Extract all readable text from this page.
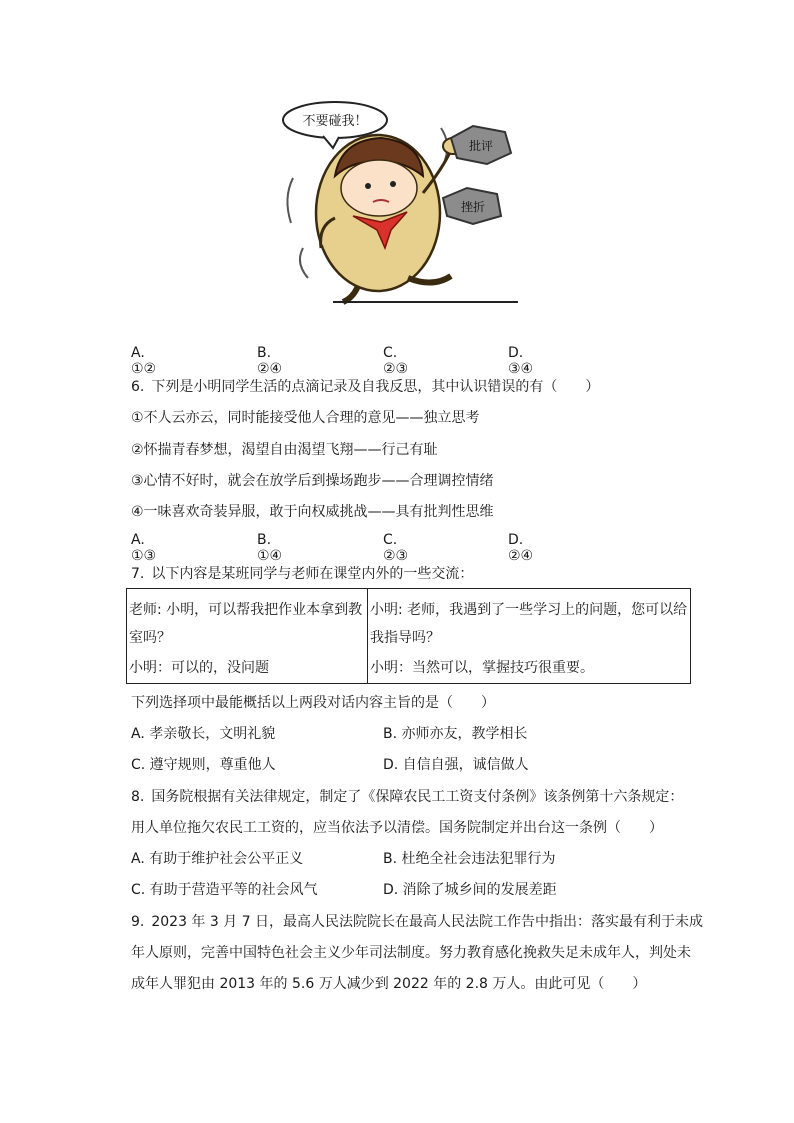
不要碰我！
批评
挫折
A. ①②
B. ②④
C. ②③
D. ③④
6. 下列是小明同学生活的点滴记录及自我反思，其中认识错误的有（　　）
①不人云亦云，同时能接受他人合理的意见——独立思考
②怀揣青春梦想，渴望自由渴望飞翔——行己有耻
③心情不好时，就会在放学后到操场跑步——合理调控情绪
④一味喜欢奇装异服，敢于向权威挑战——具有批判性思维
A. ①③
B. ①④
C. ②③
D. ②④
7. 以下内容是某班同学与老师在课堂内外的一些交流：
老师: 小明，可以帮我把作业本拿到教
室吗？
小明：可以的，没问题

小明: 老师，我遇到了一些学习上的问题，您可以给
我指导吗？
小明：当然可以，掌握技巧很重要。
下列选择项中最能概括以上两段对话内容主旨的是（　　）
A. 孝亲敬长，文明礼貌	B. 亦师亦友，教学相长
C. 遵守规则，尊重他人	D. 自信自强，诚信做人
8. 国务院根据有关法律规定，制定了《保障农民工工资支付条例》该条例第十六条规定：
用人单位拖欠农民工工资的，应当依法予以清偿。国务院制定并出台这一条例（　　）
A. 有助于维护社会公平正义	B. 杜绝全社会违法犯罪行为
C. 有助于营造平等的社会风气	D. 消除了城乡间的发展差距
9. 2023 年 3 月 7 日，最高人民法院院长在最高人民法院工作告中指出：落实最有利于未成
年人原则，完善中国特色社会主义少年司法制度。努力教育感化挽救失足未成年人，判处未
成年人罪犯由 2013 年的 5.6 万人减少到 2022 年的 2.8 万人。由此可见（　　）
